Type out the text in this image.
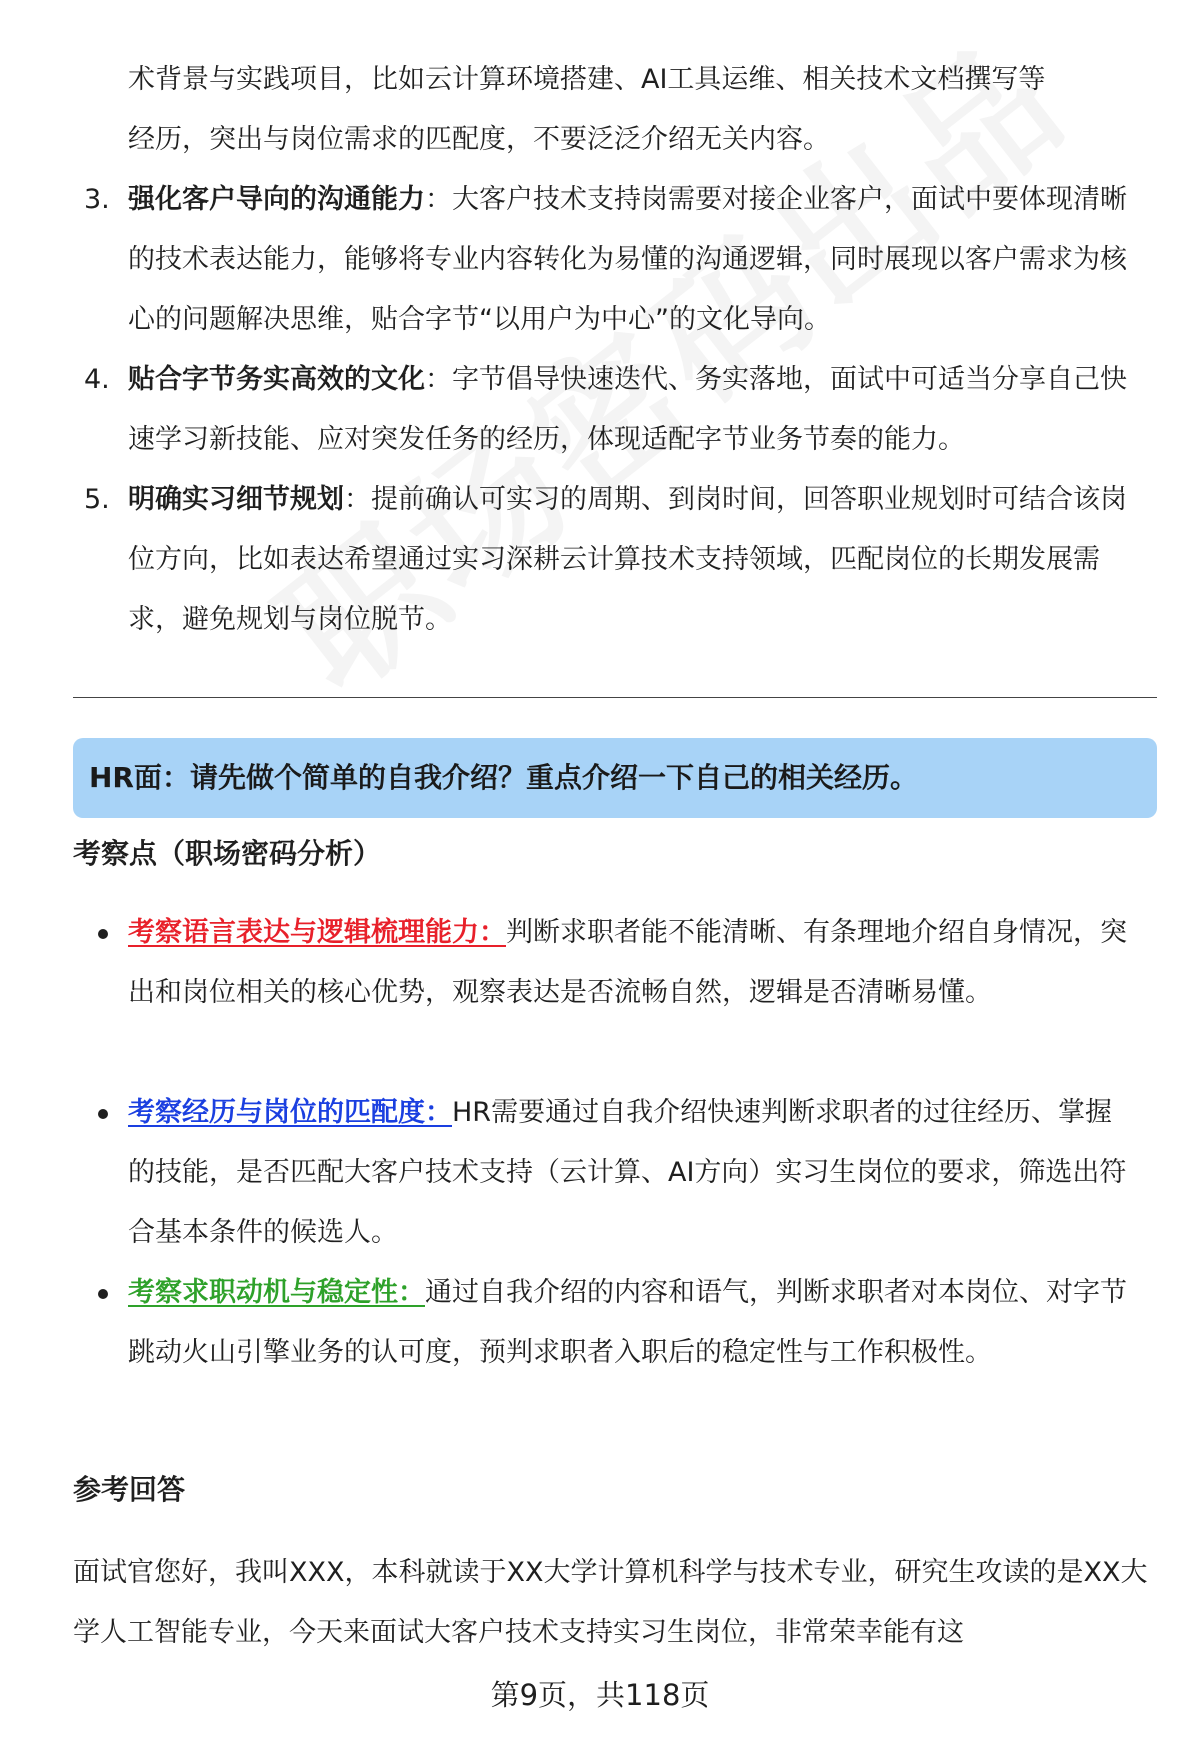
术背景与实践项目，比如云计算环境搭建、AI工具运维、相关技术文档撰写等
经历，突出与岗位需求的匹配度，不要泛泛介绍无关内容。
3. 强化客户导向的沟通能力：大客户技术支持岗需要对接企业客户，面试中要体现清晰的技术表达能力，能够将专业内容转化为易懂的沟通逻辑，同时展现以客户需求为核心的问题解决思维，贴合字节“以用户为中心”的文化导向。
4. 贴合字节务实高效的文化：字节倡导快速迭代、务实落地，面试中可适当分享自己快速学习新技能、应对突发任务的经历，体现适配字节业务节奏的能力。
5. 明确实习细节规划：提前确认可实习的周期、到岗时间，回答职业规划时可结合该岗位方向，比如表达希望通过实习深耕云计算技术支持领域，匹配岗位的长期发展需求，避免规划与岗位脱节。
HR面：请先做个简单的自我介绍？重点介绍一下自己的相关经历。
考察点（职场密码分析）
考察语言表达与逻辑梳理能力：判断求职者能不能清晰、有条理地介绍自身情况，突出和岗位相关的核心优势，观察表达是否流畅自然，逻辑是否清晰易懂。
考察经历与岗位的匹配度：HR需要通过自我介绍快速判断求职者的过往经历、掌握的技能，是否匹配大客户技术支持（云计算、AI方向）实习生岗位的要求，筛选出符合基本条件的候选人。
考察求职动机与稳定性：通过自我介绍的内容和语气，判断求职者对本岗位、对字节跳动火山引擎业务的认可度，预判求职者入职后的稳定性与工作积极性。
参考回答
面试官您好，我叫XXX，本科就读于XX大学计算机科学与技术专业，研究生攻读的是XX大学人工智能专业，今天来面试大客户技术支持实习生岗位，非常荣幸能有这
第9页，共118页
